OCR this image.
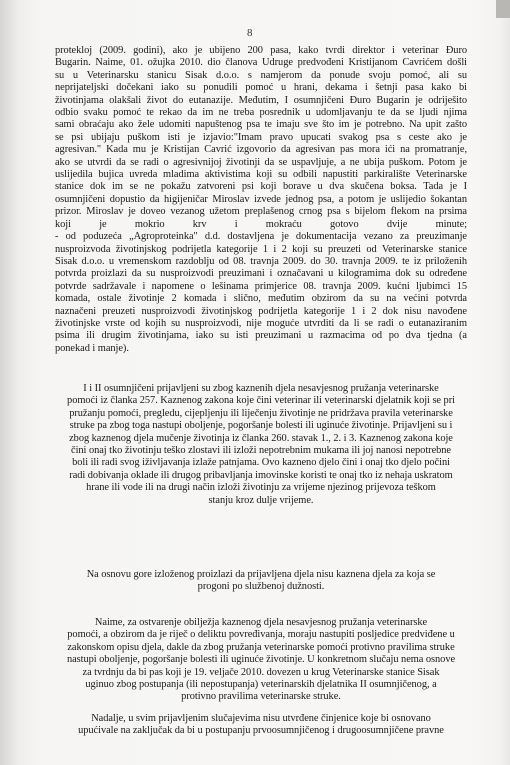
8
protekloj (2009. godini), ako je ubijeno 200 pasa, kako tvrdi direktor i veterinar Đuro
Bugarin. Naime, 01. ožujka 2010. dio članova Udruge predvođeni Kristijanom Cavrićem došli
su u Veterinarsku stanicu Sisak d.o.o. s namjerom da ponude svoju pomoć, ali su
neprijateljski dočekani iako su ponudili pomoć u hrani, dekama i šetnji pasa kako bi
životinjama olakšali život do eutanazije. Međutim, I osumnjičeni Đuro Bugarin je odriješito
odbio svaku pomoć te rekao da im ne treba posrednik u udomljavanju te da se ljudi njima
sami obraćaju ako žele udomiti napuštenog psa te imaju sve što im je potrebno. Na upit zašto
se psi ubijaju puškom isti je izjavio:"Imam pravo upucati svakog psa s ceste ako je
agresivan." Kada mu je Kristijan Cavrić izgovorio da agresivan pas mora ići na promatranje,
ako se utvrdi da se radi o agresivnijoj životinji da se uspavljuje, a ne ubija puškom. Potom je
uslijedila bujica uvreda mladima aktivistima koji su odbili napustiti parkiralište Veterinarske
stanice dok im se ne pokažu zatvoreni psi koji borave u dva skučena boksa. Tada je I
osumnjičeni dopustio da higijeničar Miroslav izvede jednog psa, a potom je uslijedio šokantan
prizor. Miroslav je doveo vezanog užetom preplašenog crnog psa s bijelom flekom na prsima
koji je mokrio krv i mokraću gotovo dvije minute;
- od poduzeća „Agroproteinka" d.d. dostavljena je dokumentacija vezano za preuzimanje
nusproizvoda životinjskog podrijetla kategorije 1 i 2 koji su preuzeti od Veterinarske stanice
Sisak d.o.o. u vremenskom razdoblju od 08. travnja 2009. do 30. travnja 2009. te iz priloženih
potvrda proizlazi da su nusproizvodi preuzimani i označavani u kilogramima dok su određene
potvrde sadržavale i napomene o lešinama primjerice 08. travnja 2009. kućni ljubimci 15
komada, ostale životinje 2 komada i slično, međutim obzirom da su na većini potvrda
naznačeni preuzeti nusproizvodi životinjskog podrijetla kategorije 1 i 2 dok nisu navođene
životinjske vrste od kojih su nusproizvodi, nije moguće utvrditi da li se radi o eutanaziranim
psima ili drugim životinjama, iako su isti preuzimani u razmacima od po dva tjedna (a
ponekad i manje).
I i II osumnjičeni prijavljeni su zbog kaznenih djela nesavjesnog pružanja veterinarske
pomoći iz članka 257. Kaznenog zakona koje čini veterinar ili veterinarski djelatnik koji se pri
pružanju pomoći, pregledu, cijepljenju ili liječenju životinje ne pridržava pravila veterinarske
struke pa zbog toga nastupi oboljenje, pogoršanje bolesti ili uginuće životinje. Prijavljeni su i
zbog kaznenog djela mučenje životinja iz članka 260. stavak 1., 2. i 3. Kaznenog zakona koje
čini onaj tko životinju teško zlostavi ili izloži nepotrebnim mukama ili joj nanosi nepotrebne
boli ili radi svog iživljavanja izlaže patnjama. Ovo kazneno djelo čini i onaj tko djelo počini
radi dobivanja oklade ili drugog pribavljanja imovinske koristi te onaj tko iz nehaja uskratom
hrane ili vode ili na drugi način izloži životinju za vrijeme njezinog prijevoza teškom
stanju kroz dulje vrijeme.
Na osnovu gore izloženog proizlazi da prijavljena djela nisu kaznena djela za koja se
progoni po službenoj dužnosti.
Naime, za ostvarenje obilježja kaznenog djela nesavjesnog pružanja veterinarske
pomoći, a obzirom da je riječ o deliktu povređivanja, moraju nastupiti posljedice predviđene u
zakonskom opisu djela, dakle da zbog pružanja veterinarske pomoći protivno pravilima struke
nastupi oboljenje, pogoršanje bolesti ili uginuće životinje. U konkretnom slučaju nema osnove
za tvrdnju da bi pas koji je 19. veljače 2010. dovezen u krug Veterinarske stanice Sisak
uginuo zbog postupanja (ili nepostupanja) veterinarskih djelatnika II osumnjičenog, a
protivno pravilima veterinarske struke.
Nadalje, u svim prijavljenim slučajevima nisu utvrđene činjenice koje bi osnovano
upućivale na zaključak da bi u postupanju prvoosumnjičenog i drugoosumnjičene pravne
